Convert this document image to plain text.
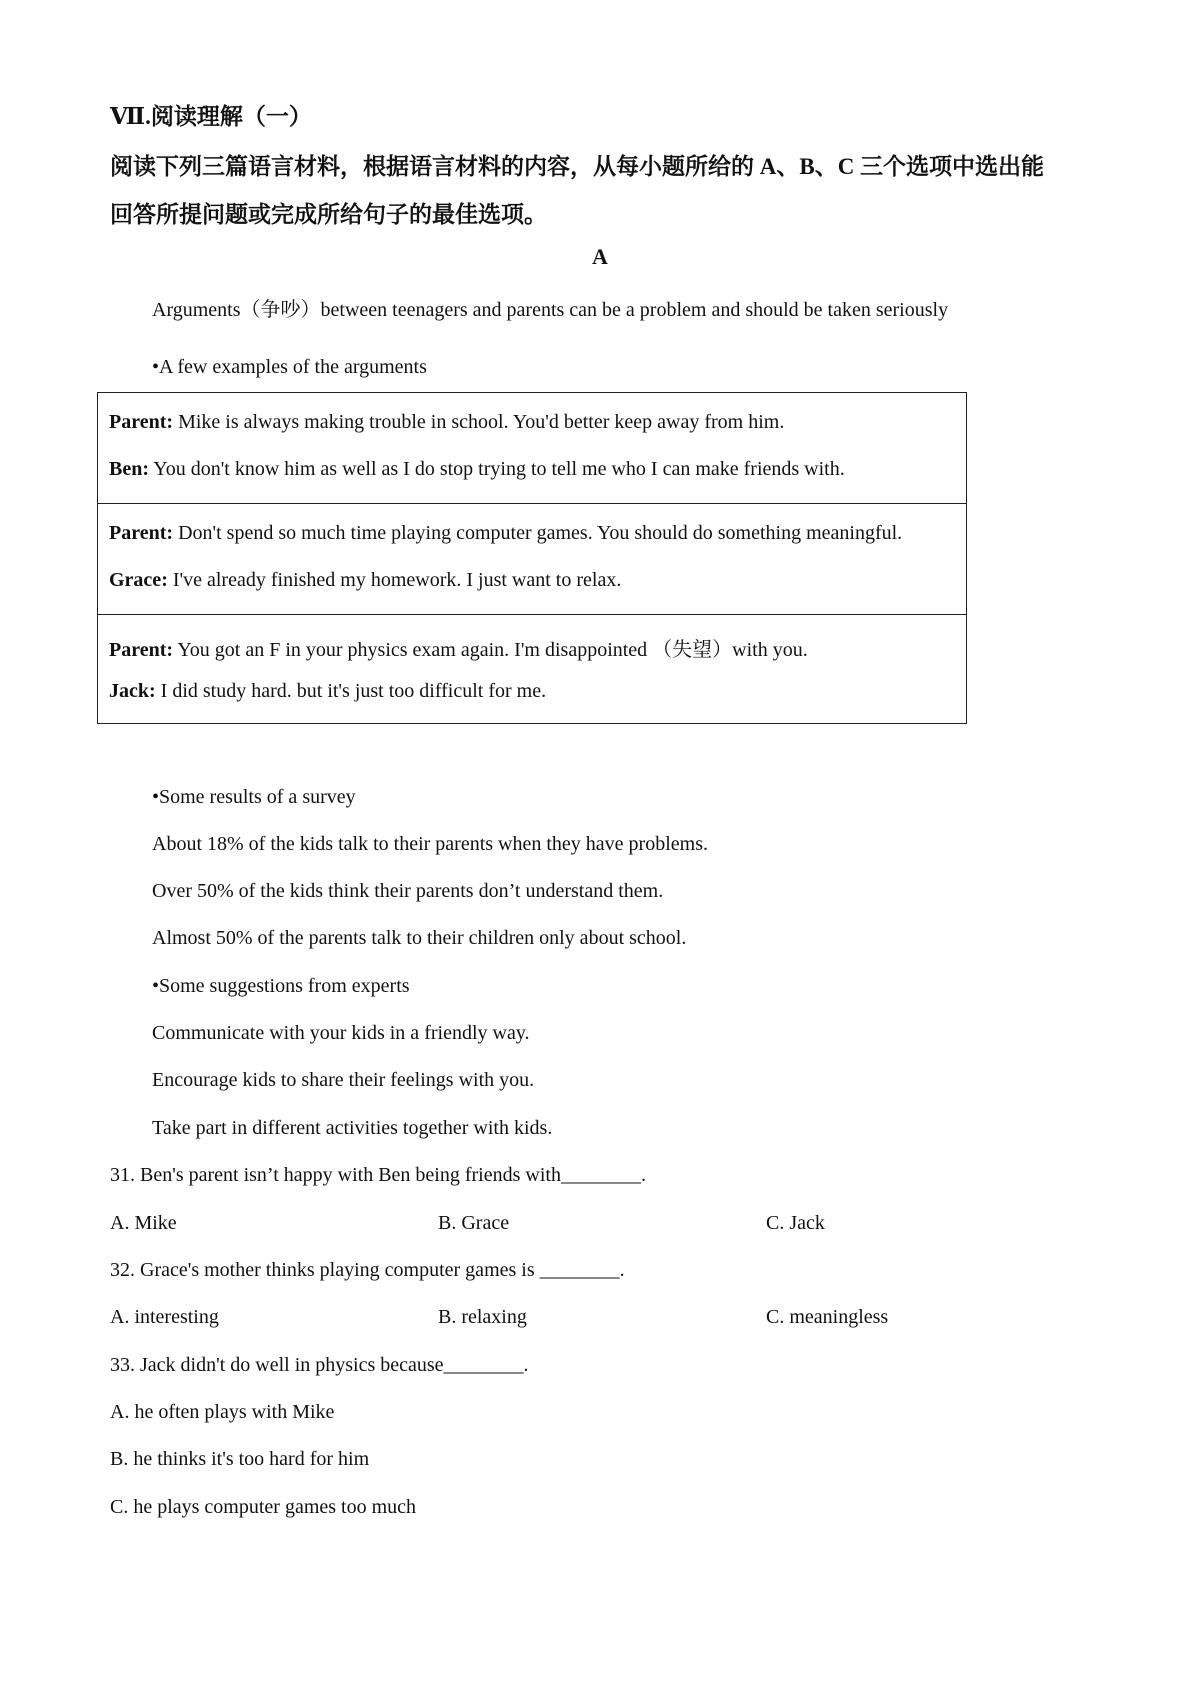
Ⅶ.阅读理解（一）
阅读下列三篇语言材料，根据语言材料的内容，从每小题所给的 A、B、C 三个选项中选出能
回答所提问题或完成所给句子的最佳选项。
A
Arguments（争吵）between teenagers and parents can be a problem and should be taken seriously
•A few examples of the arguments
Parent: Mike is always making trouble in school. You'd better keep away from him.
Ben: You don't know him as well as I do stop trying to tell me who I can make friends with.
Parent: Don't spend so much time playing computer games. You should do something meaningful.
Grace: I've already finished my homework. I just want to relax.
Parent: You got an F in your physics exam again. I'm disappointed （失望）with you.
Jack: I did study hard. but it's just too difficult for me.
•Some results of a survey
About 18% of the kids talk to their parents when they have problems.
Over 50% of the kids think their parents don’t understand them.
Almost 50% of the parents talk to their children only about school.
•Some suggestions from experts
Communicate with your kids in a friendly way.
Encourage kids to share their feelings with you.
Take part in different activities together with kids.
31. Ben's parent isn’t happy with Ben being friends with________.
A. Mike	B. Grace	C. Jack
32. Grace's mother thinks playing computer games is ________.
A. interesting	B. relaxing	C. meaningless
33. Jack didn't do well in physics because________.
A. he often plays with Mike
B. he thinks it's too hard for him
C. he plays computer games too much
